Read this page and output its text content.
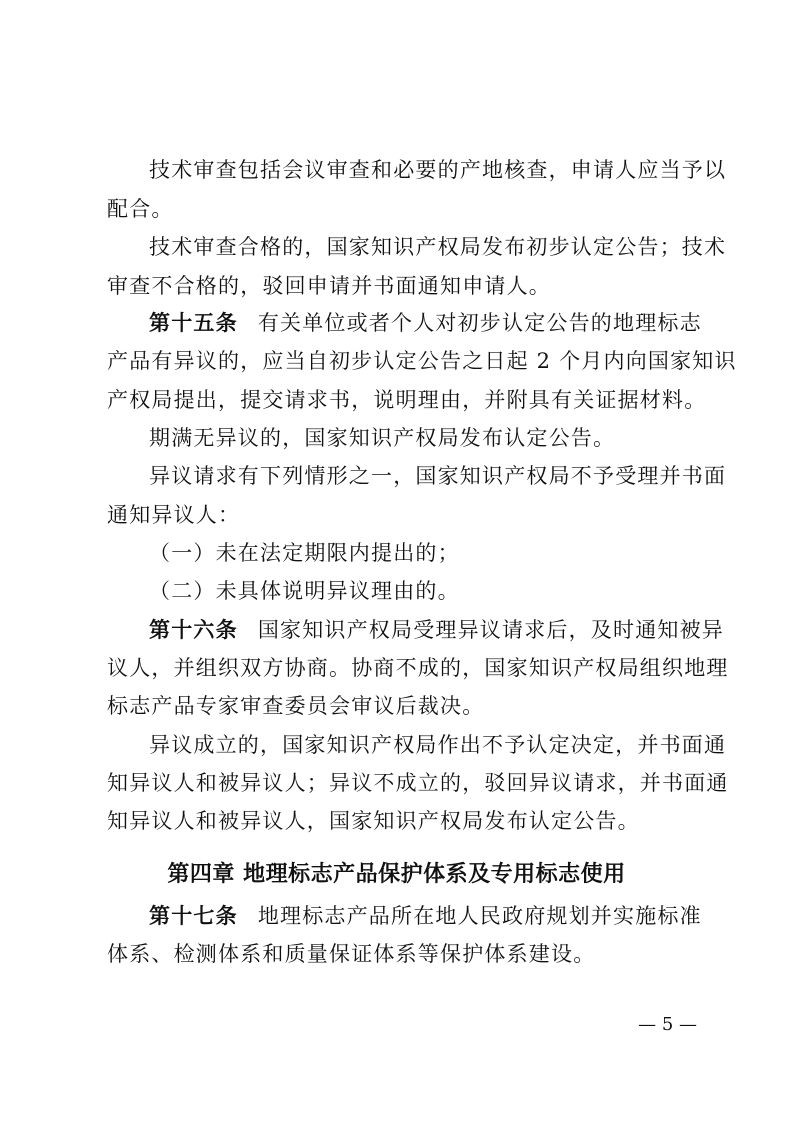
技术审查包括会议审查和必要的产地核查，申请人应当予以
配合。
技术审查合格的，国家知识产权局发布初步认定公告；技术
审查不合格的，驳回申请并书面通知申请人。
第十五条 有关单位或者个人对初步认定公告的地理标志
产品有异议的，应当自初步认定公告之日起 2 个月内向国家知识
产权局提出，提交请求书，说明理由，并附具有关证据材料。
期满无异议的，国家知识产权局发布认定公告。
异议请求有下列情形之一，国家知识产权局不予受理并书面
通知异议人：
（一）未在法定期限内提出的；
（二）未具体说明异议理由的。
第十六条 国家知识产权局受理异议请求后，及时通知被异
议人，并组织双方协商。协商不成的，国家知识产权局组织地理
标志产品专家审查委员会审议后裁决。
异议成立的，国家知识产权局作出不予认定决定，并书面通
知异议人和被异议人；异议不成立的，驳回异议请求，并书面通
知异议人和被异议人，国家知识产权局发布认定公告。
第四章 地理标志产品保护体系及专用标志使用
第十七条 地理标志产品所在地人民政府规划并实施标准
体系、检测体系和质量保证体系等保护体系建设。
— 5 —
